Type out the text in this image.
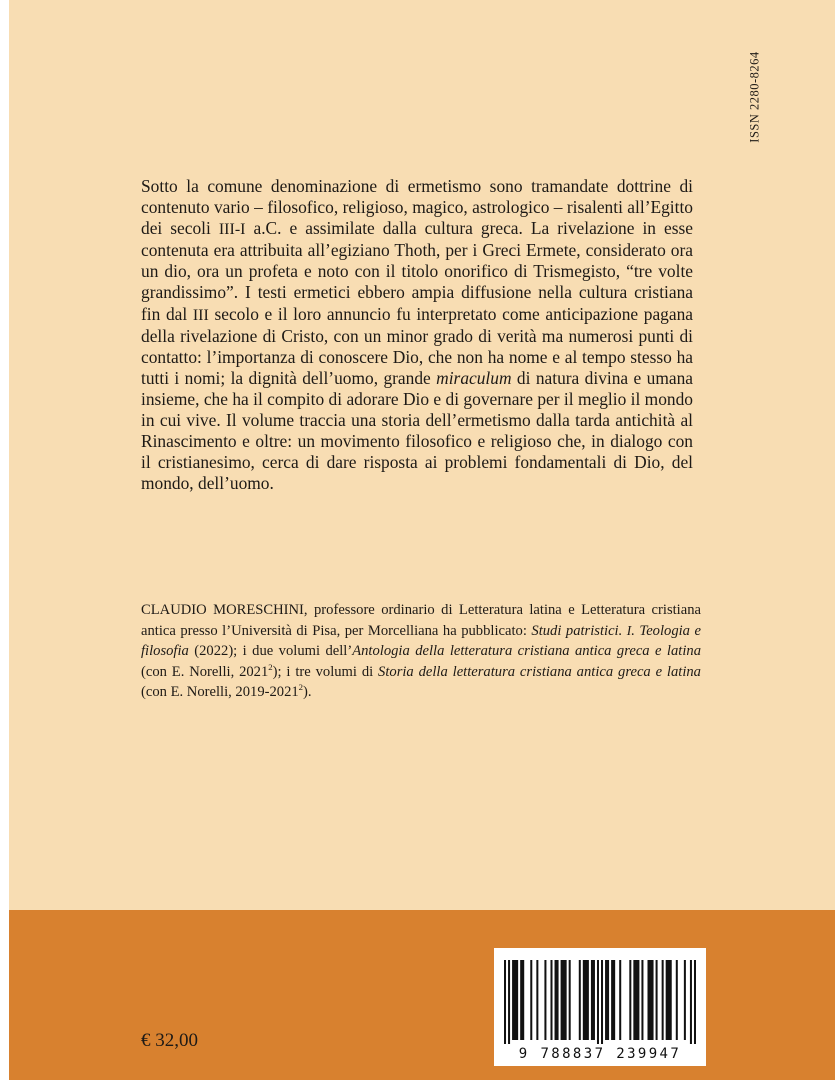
ISSN 2280-8264

Sotto la comune denominazione di ermetismo sono tramandate dottrine di contenuto vario – filosofico, religioso, magico, astrologico – risalenti all’Egitto dei secoli III-I a.C. e assimilate dalla cultura greca. La rivelazione in esse contenuta era attribuita all’egiziano Thoth, per i Greci Ermete, considerato ora un dio, ora un profeta e noto con il titolo onorifico di Trismegisto, “tre volte grandissimo”. I testi ermetici ebbero ampia diffusione nella cultura cristiana fin dal III secolo e il loro annuncio fu interpretato come anticipazione pagana della rivelazione di Cristo, con un minor grado di verità ma numerosi punti di contatto: l’importanza di conoscere Dio, che non ha nome e al tempo stesso ha tutti i nomi; la dignità dell’uomo, grande miraculum di natura divina e umana insieme, che ha il compito di adorare Dio e di governare per il meglio il mondo in cui vive. Il volume traccia una storia dell’ermetismo dalla tarda antichità al Rinascimento e oltre: un movimento filosofico e religioso che, in dialogo con il cristianesimo, cerca di dare risposta ai problemi fondamentali di Dio, del mondo, dell’uomo.

CLAUDIO MORESCHINI, professore ordinario di Letteratura latina e Letteratura cristiana antica presso l’Università di Pisa, per Morcelliana ha pubblicato: Studi patristici. I. Teologia e filosofia (2022); i due volumi dell’Antologia della letteratura cristiana antica greca e latina (con E. Norelli, 2021$^2$); i tre volumi di Storia della letteratura cristiana antica greca e latina (con E. Norelli, 2019-2021$^2$).

€ 32,00
9 788837 239947
